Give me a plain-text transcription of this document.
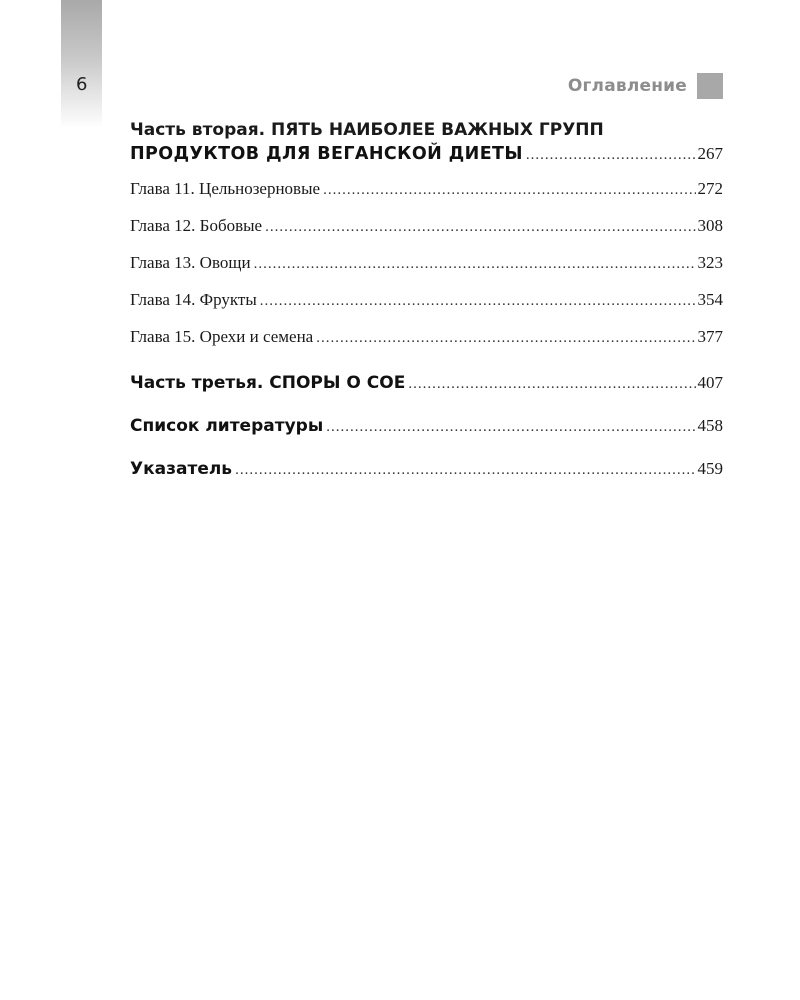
6	Оглавление
Часть вторая. ПЯТЬ НАИБОЛЕЕ ВАЖНЫХ ГРУПП
ПРОДУКТОВ ДЛЯ ВЕГАНСКОЙ ДИЕТЫ .....	267
Глава 11. Цельнозерновые .....	272
Глава 12. Бобовые .....	308
Глава 13. Овощи .....	323
Глава 14. Фрукты .....	354
Глава 15. Орехи и семена .....	377
Часть третья. СПОРЫ О СОЕ .....	407
Список литературы .....	458
Указатель .....	459
